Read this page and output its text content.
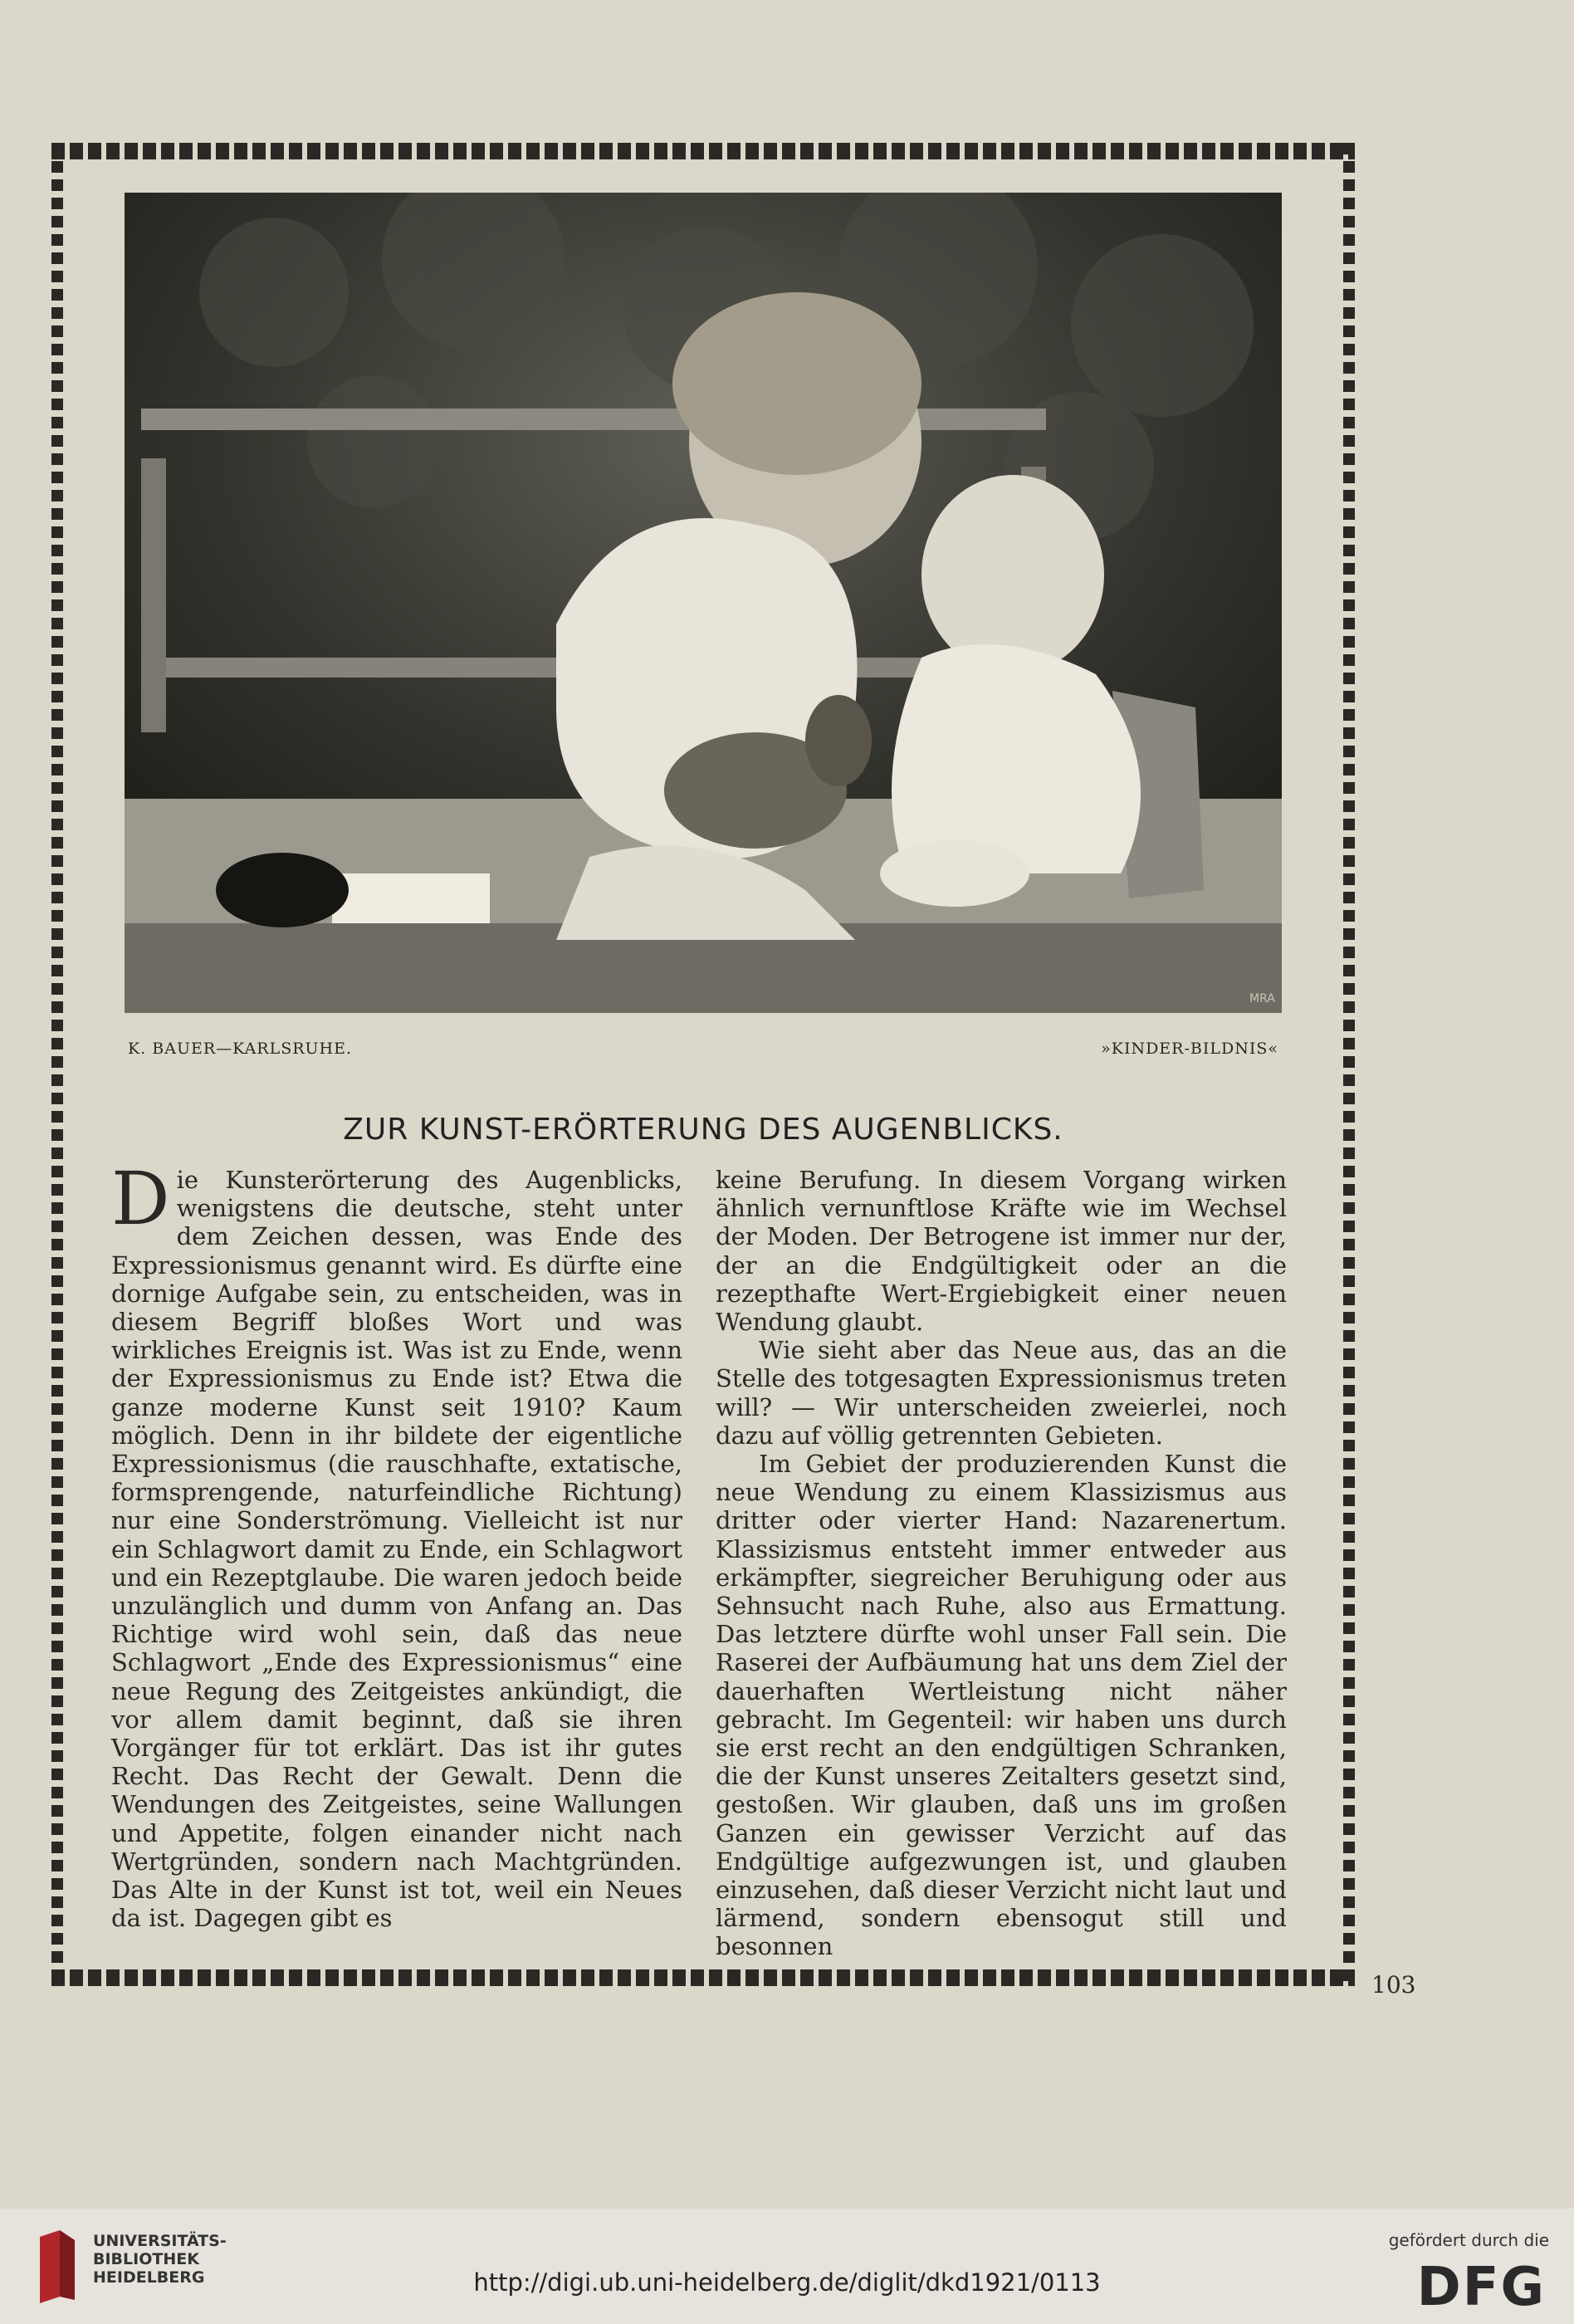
MRA
K. BAUER—KARLSRUHE.	»KINDER-BILDNIS«
ZUR KUNST-ERÖRTERUNG DES AUGENBLICKS.

Die Kunsterörterung des Augenblicks, wenigstens die deutsche, steht unter dem Zeichen dessen, was Ende des Expressionismus genannt wird. Es dürfte eine dornige Aufgabe sein, zu entscheiden, was in diesem Begriff bloßes Wort und was wirkliches Ereignis ist. Was ist zu Ende, wenn der Expressionismus zu Ende ist? Etwa die ganze moderne Kunst seit 1910? Kaum möglich. Denn in ihr bildete der eigentliche Expressionismus (die rauschhafte, extatische, formsprengende, naturfeindliche Richtung) nur eine Sonderströmung. Vielleicht ist nur ein Schlagwort damit zu Ende, ein Schlagwort und ein Rezeptglaube. Die waren jedoch beide unzulänglich und dumm von Anfang an. Das Richtige wird wohl sein, daß das neue Schlagwort „Ende des Expressionismus“ eine neue Regung des Zeitgeistes ankündigt, die vor allem damit beginnt, daß sie ihren Vorgänger für tot erklärt. Das ist ihr gutes Recht. Das Recht der Gewalt. Denn die Wendungen des Zeitgeistes, seine Wallungen und Appetite, folgen einander nicht nach Wertgründen, sondern nach Machtgründen. Das Alte in der Kunst ist tot, weil ein Neues da ist. Dagegen gibt es

keine Berufung. In diesem Vorgang wirken ähnlich vernunftlose Kräfte wie im Wechsel der Moden. Der Betrogene ist immer nur der, der an die Endgültigkeit oder an die rezepthafte Wert-Ergiebigkeit einer neuen Wendung glaubt.

Wie sieht aber das Neue aus, das an die Stelle des totgesagten Expressionismus treten will? — Wir unterscheiden zweierlei, noch dazu auf völlig getrennten Gebieten.

Im Gebiet der produzierenden Kunst die neue Wendung zu einem Klassizismus aus dritter oder vierter Hand: Nazarenertum. Klassizismus entsteht immer entweder aus erkämpfter, siegreicher Beruhigung oder aus Sehnsucht nach Ruhe, also aus Ermattung. Das letztere dürfte wohl unser Fall sein. Die Raserei der Aufbäumung hat uns dem Ziel der dauerhaften Wertleistung nicht näher gebracht. Im Gegenteil: wir haben uns durch sie erst recht an den endgültigen Schranken, die der Kunst unseres Zeitalters gesetzt sind, gestoßen. Wir glauben, daß uns im großen Ganzen ein gewisser Verzicht auf das Endgültige aufgezwungen ist, und glauben einzusehen, daß dieser Verzicht nicht laut und lärmend, sondern ebensogut still und besonnen

103
UNIVERSITÄTS-
BIBLIOTHEK
HEIDELBERG	http://digi.ub.uni-heidelberg.de/diglit/dkd1921/0113
gefördert durch die
DFG
